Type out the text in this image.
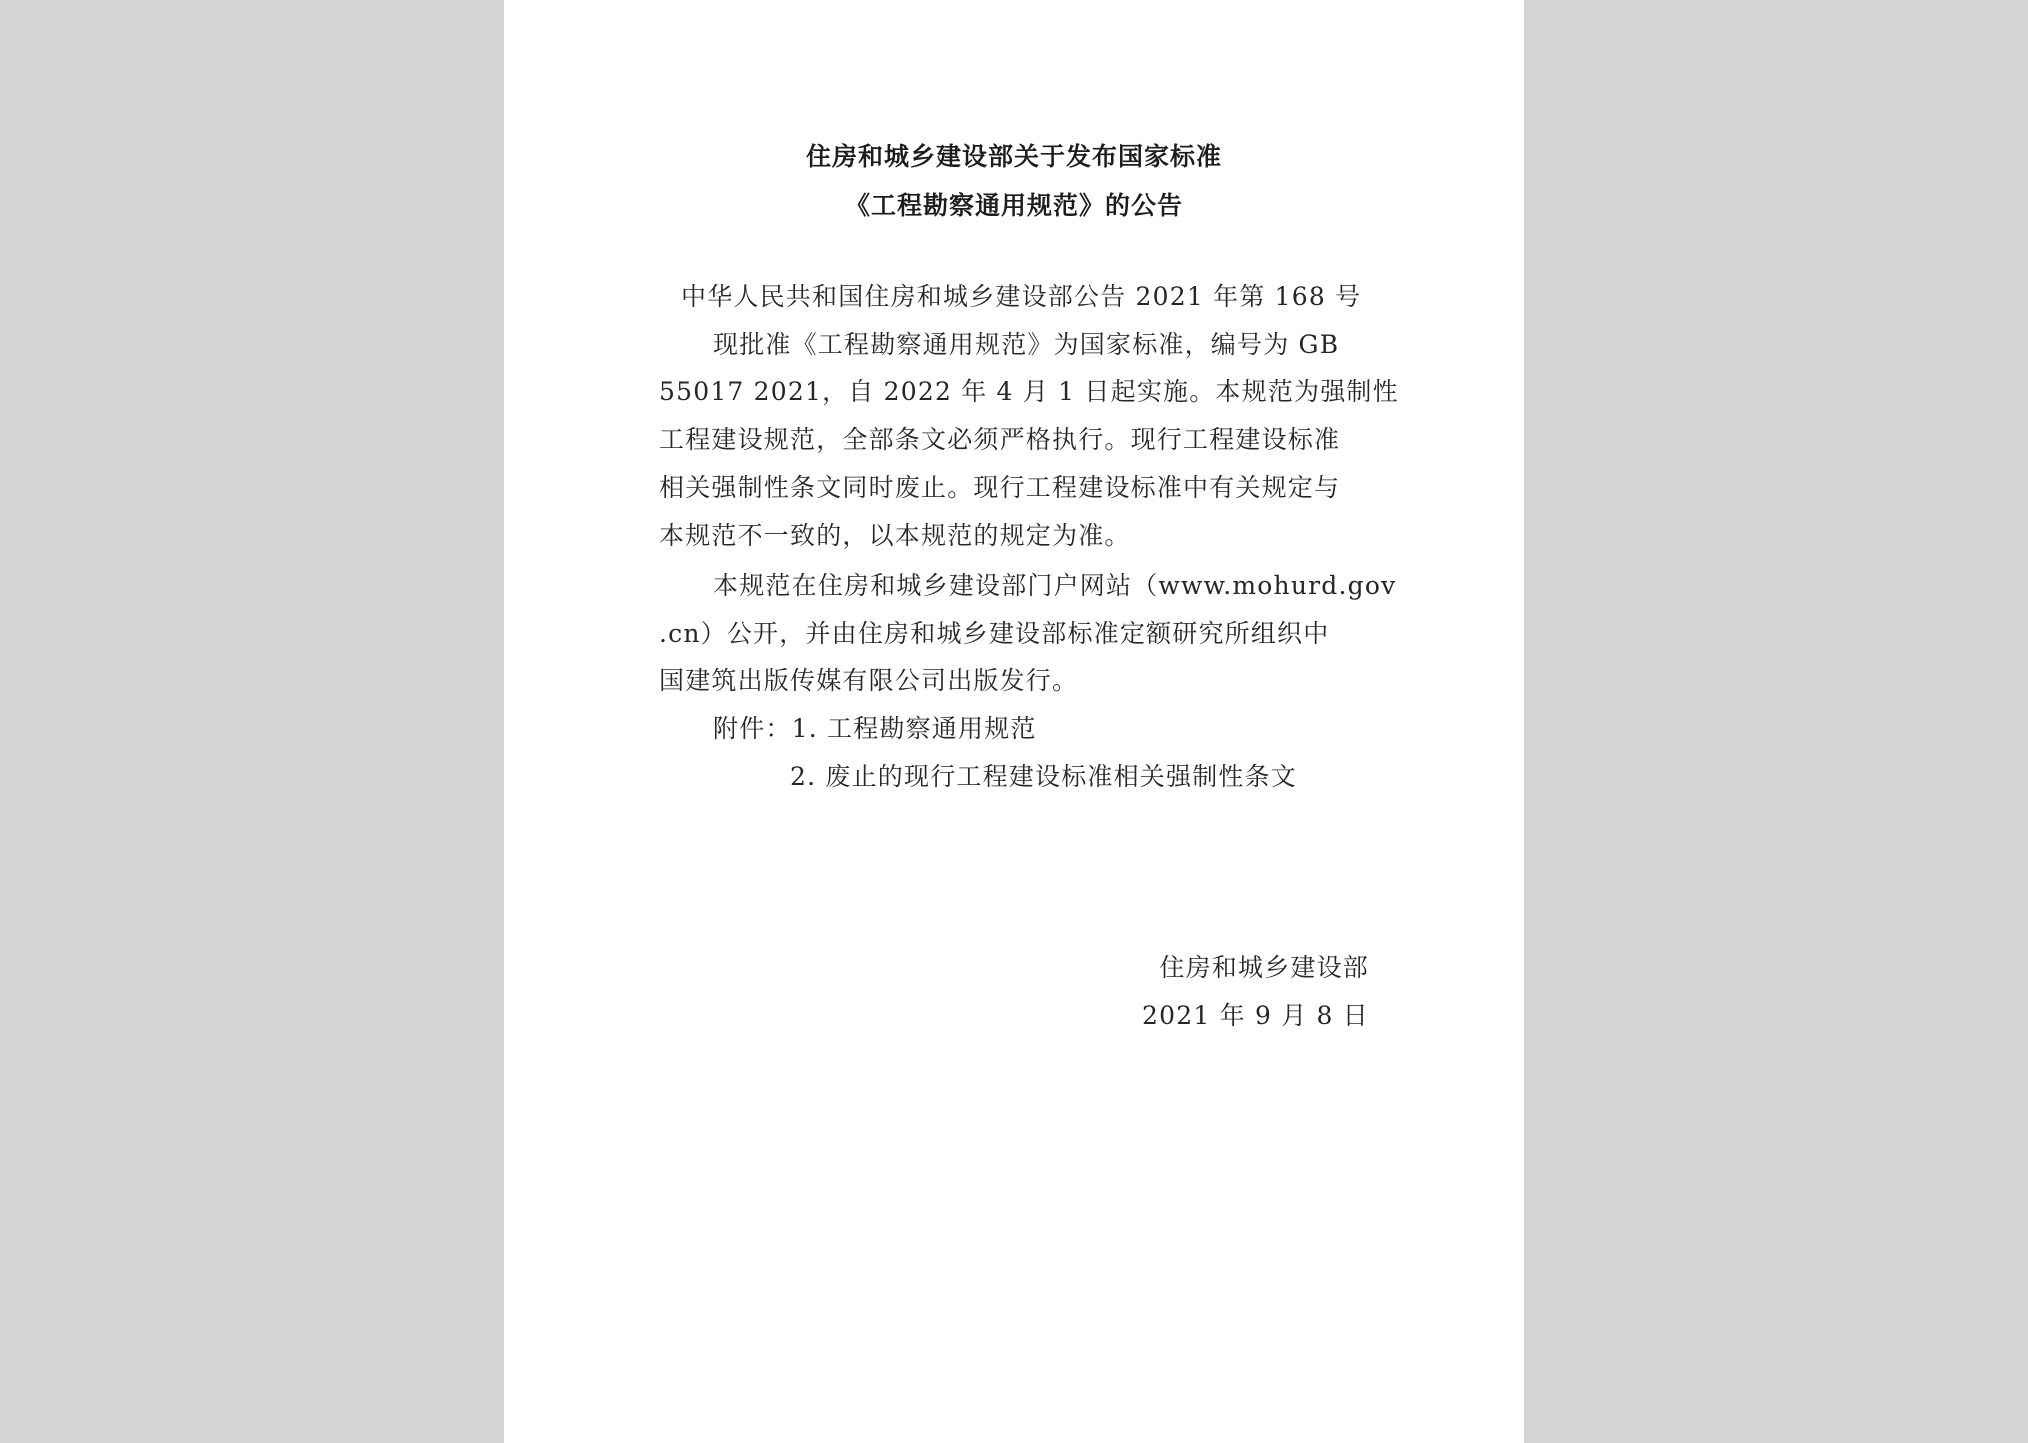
住房和城乡建设部关于发布国家标准
《工程勘察通用规范》的公告
中华人民共和国住房和城乡建设部公告 2021 年第 168 号
现批准《工程勘察通用规范》为国家标准，编号为 GB
55017 2021，自 2022 年 4 月 1 日起实施。本规范为强制性
工程建设规范，全部条文必须严格执行。现行工程建设标准
相关强制性条文同时废止。现行工程建设标准中有关规定与
本规范不一致的，以本规范的规定为准。
本规范在住房和城乡建设部门户网站（www.mohurd.gov
.cn）公开，并由住房和城乡建设部标准定额研究所组织中
国建筑出版传媒有限公司出版发行。
附件：1. 工程勘察通用规范
2. 废止的现行工程建设标准相关强制性条文
住房和城乡建设部
2021 年 9 月 8 日
